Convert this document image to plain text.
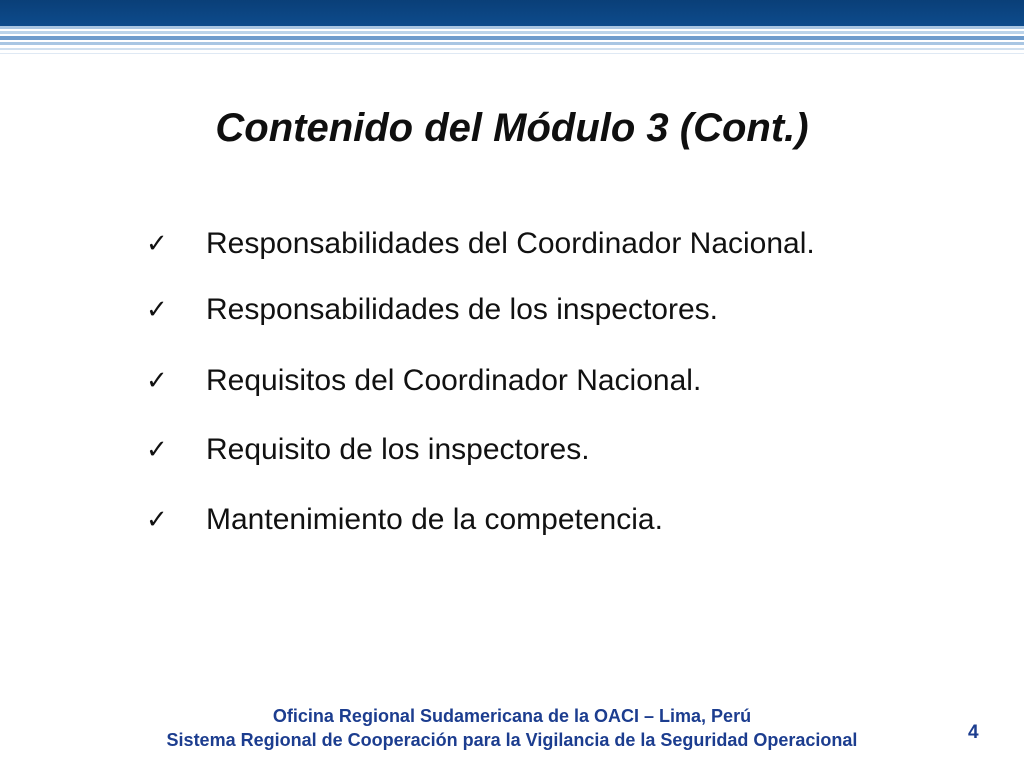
Contenido del Módulo 3 (Cont.)
✓ Responsabilidades del Coordinador Nacional.
✓ Responsabilidades de los inspectores.
✓ Requisitos del Coordinador Nacional.
✓ Requisito de los inspectores.
✓ Mantenimiento de la competencia.
Oficina Regional Sudamericana de la OACI – Lima, Perú
Sistema Regional de Cooperación para la Vigilancia de la Seguridad Operacional	4
